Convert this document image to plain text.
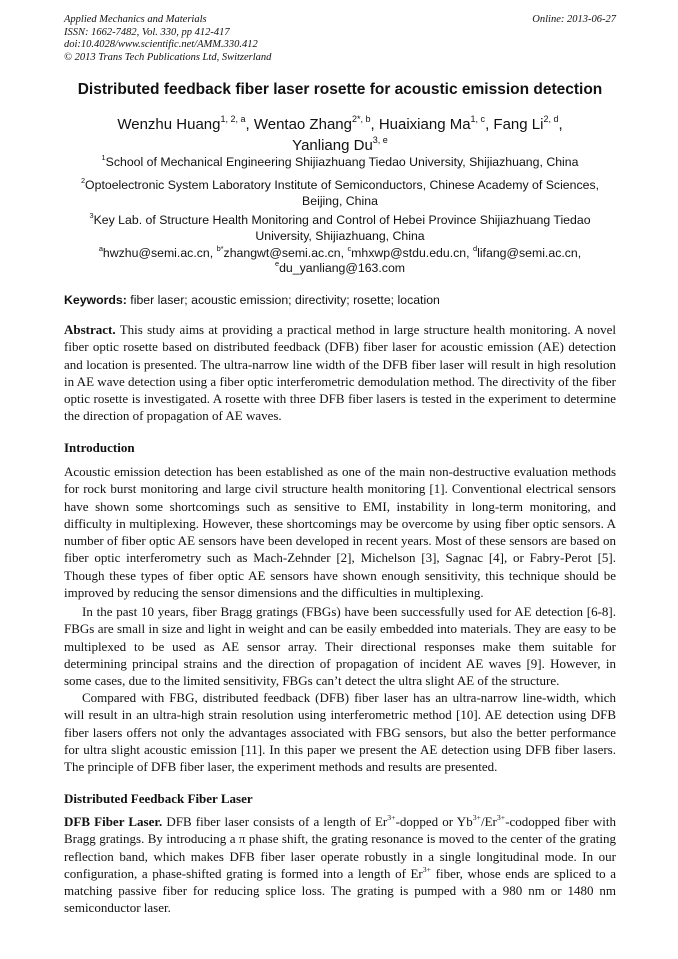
Applied Mechanics and Materials
ISSN: 1662-7482, Vol. 330, pp 412-417
doi:10.4028/www.scientific.net/AMM.330.412
© 2013 Trans Tech Publications Ltd, Switzerland
Online: 2013-06-27
Distributed feedback fiber laser rosette for acoustic emission detection
Wenzhu Huang$^{1, 2, a}$, Wentao Zhang$^{2*, b}$, Huaixiang Ma$^{1, c}$, Fang Li$^{2, d}$,
Yanliang Du$^{3, e}$
$^1$School of Mechanical Engineering Shijiazhuang Tiedao University, Shijiazhuang, China
$^2$Optoelectronic System Laboratory Institute of Semiconductors, Chinese Academy of Sciences, Beijing, China
$^3$Key Lab. of Structure Health Monitoring and Control of Hebei Province Shijiazhuang Tiedao University, Shijiazhuang, China
$^a$hwzhu@semi.ac.cn, $^{b*}$zhangwt@semi.ac.cn, $^c$mhxwp@stdu.edu.cn, $^d$lifang@semi.ac.cn,
$^e$du_yanliang@163.com
Keywords: fiber laser; acoustic emission; directivity; rosette; location
Abstract. This study aims at providing a practical method in large structure health monitoring. A novel fiber optic rosette based on distributed feedback (DFB) fiber laser for acoustic emission (AE) detection and location is presented. The ultra-narrow line width of the DFB fiber laser will result in high resolution in AE wave detection using a fiber optic interferometric demodulation method. The directivity of the fiber optic rosette is investigated. A rosette with three DFB fiber lasers is tested in the experiment to determine the direction of propagation of AE waves.
Introduction
Acoustic emission detection has been established as one of the main non-destructive evaluation methods for rock burst monitoring and large civil structure health monitoring [1]. Conventional electrical sensors have shown some shortcomings such as sensitive to EMI, instability in long-term monitoring, and difficulty in multiplexing. However, these shortcomings may be overcome by using fiber optic sensors. A number of fiber optic AE sensors have been developed in recent years. Most of these sensors are based on fiber optic interferometry such as Mach-Zehnder [2], Michelson [3], Sagnac [4], or Fabry-Perot [5]. Though these types of fiber optic AE sensors have shown enough sensitivity, this technique should be improved by reducing the sensor dimensions and the difficulties in multiplexing.
In the past 10 years, fiber Bragg gratings (FBGs) have been successfully used for AE detection [6-8]. FBGs are small in size and light in weight and can be easily embedded into materials. They are easy to be multiplexed to be used as AE sensor array. Their directional responses make them suitable for determining principal strains and the direction of propagation of incident AE waves [9]. However, in some cases, due to the limited sensitivity, FBGs can’t detect the ultra slight AE of the structure.
Compared with FBG, distributed feedback (DFB) fiber laser has an ultra-narrow line-width, which will result in an ultra-high strain resolution using interferometric method [10]. AE detection using DFB fiber lasers offers not only the advantages associated with FBG sensors, but also the better performance for ultra slight acoustic emission [11]. In this paper we present the AE detection using DFB fiber lasers. The principle of DFB fiber laser, the experiment methods and results are presented.
Distributed Feedback Fiber Laser
DFB Fiber Laser. DFB fiber laser consists of a length of $Er^{3+}$-dopped or $Yb^{3+}/Er^{3+}$-codopped fiber with Bragg gratings. By introducing a π phase shift, the grating resonance is moved to the center of the grating reflection band, which makes DFB fiber laser operate robustly in a single longitudinal mode. In our configuration, a phase-shifted grating is formed into a length of $Er^{3+}$ fiber, whose ends are spliced to a matching passive fiber for reducing splice loss. The grating is pumped with a 980 nm or 1480 nm semiconductor laser.
